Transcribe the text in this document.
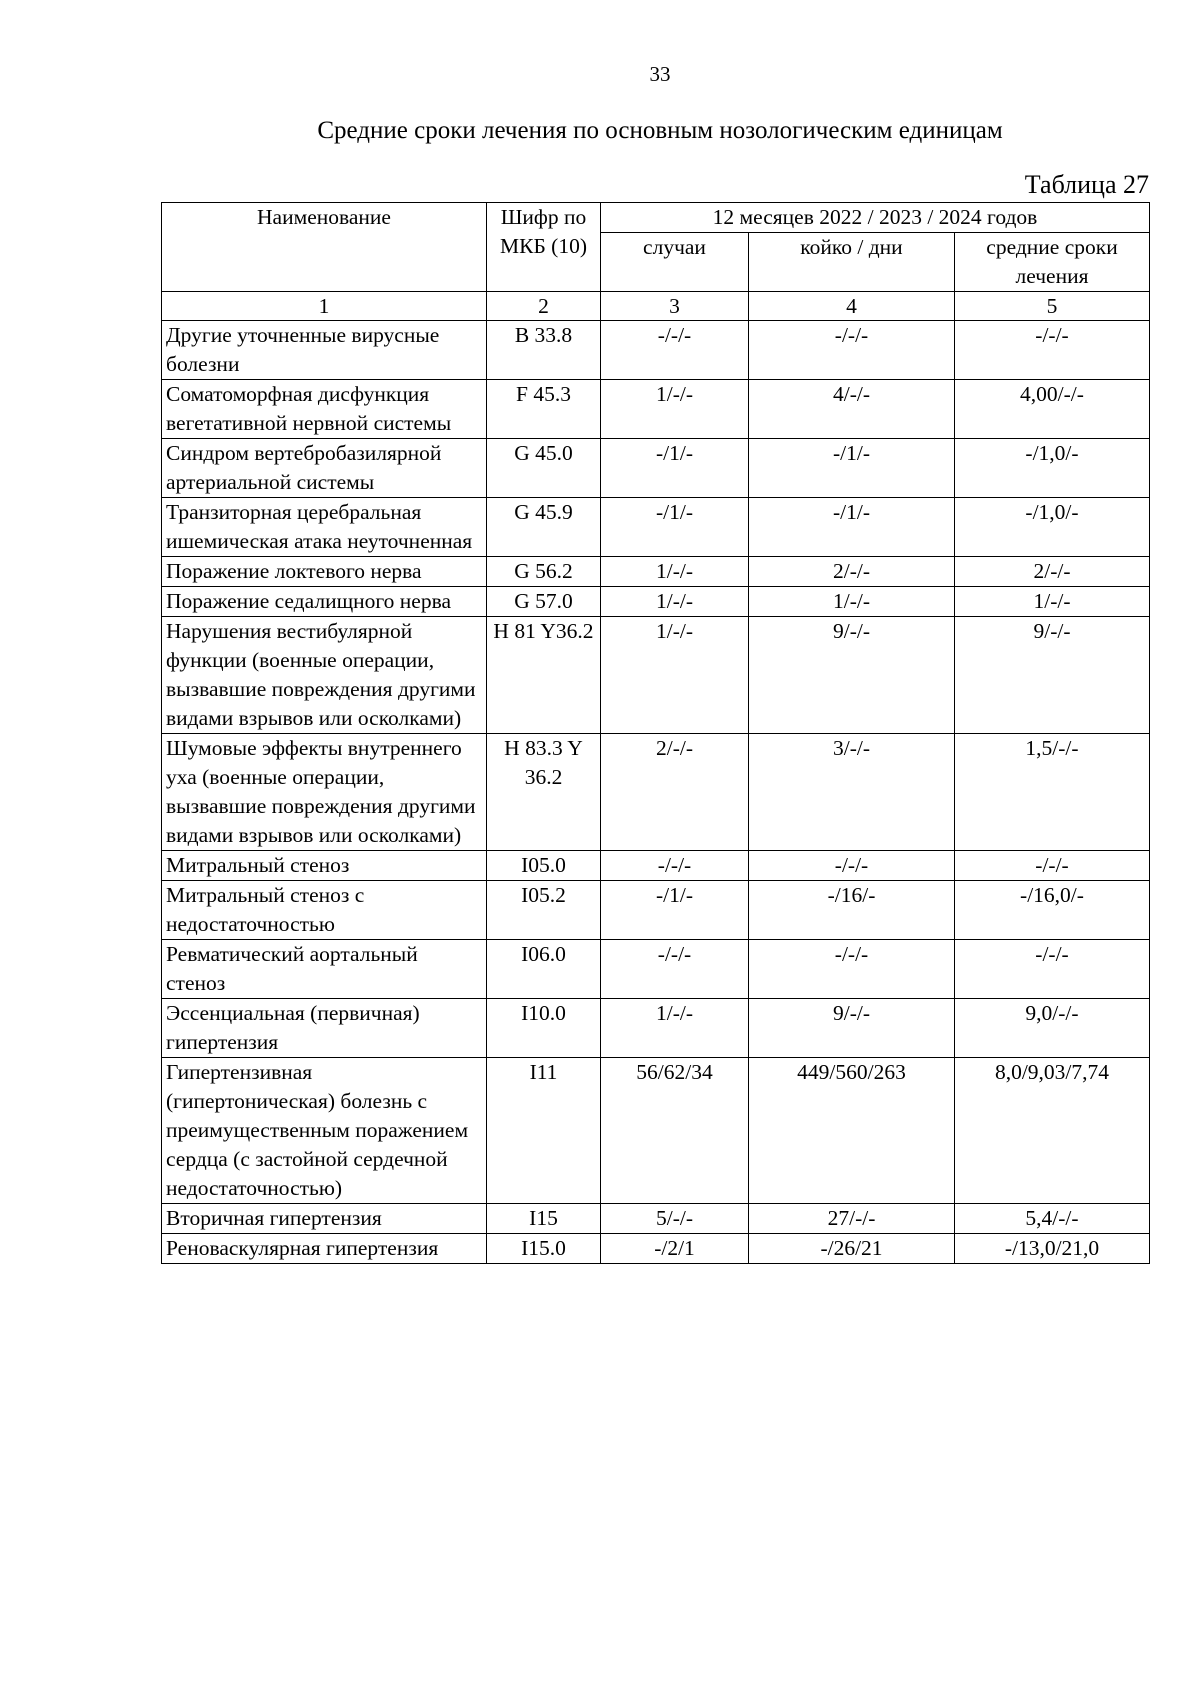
33
Средние сроки лечения по основным нозологическим единицам
Таблица 27
Наименование	Шифр по МКБ (10)	12 месяцев 2022 / 2023 / 2024 годов		
		случаи	койко / дни	средние сроки лечения
1	2	3	4	5
Другие уточненные вирусные болезни	B 33.8	-/-/-	-/-/-	-/-/-
Соматоморфная дисфункция вегетативной нервной системы	F 45.3	1/-/-	4/-/-	4,00/-/-
Синдром вертебробазилярной артериальной системы	G 45.0	-/1/-	-/1/-	-/1,0/-
Транзиторная церебральная ишемическая атака неуточненная	G 45.9	-/1/-	-/1/-	-/1,0/-
Поражение локтевого нерва	G 56.2	1/-/-	2/-/-	2/-/-
Поражение седалищного нерва	G 57.0	1/-/-	1/-/-	1/-/-
Нарушения вестибулярной функции (военные операции, вызвавшие повреждения другими видами взрывов или осколками)	H 81 Y36.2	1/-/-	9/-/-	9/-/-
Шумовые эффекты внутреннего уха (военные операции, вызвавшие повреждения другими видами взрывов или осколками)	H 83.3 Y 36.2	2/-/-	3/-/-	1,5/-/-
Митральный стеноз	I05.0	-/-/-	-/-/-	-/-/-
Митральный стеноз с недостаточностью	I05.2	-/1/-	-/16/-	-/16,0/-
Ревматический аортальный стеноз	I06.0	-/-/-	-/-/-	-/-/-
Эссенциальная (первичная) гипертензия	I10.0	1/-/-	9/-/-	9,0/-/-
Гипертензивная (гипертоническая) болезнь с преимущественным поражением сердца (с застойной сердечной недостаточностью)	I11	56/62/34	449/560/263	8,0/9,03/7,74
Вторичная гипертензия	I15	5/-/-	27/-/-	5,4/-/-
Реноваскулярная гипертензия	I15.0	-/2/1	-/26/21	-/13,0/21,0
